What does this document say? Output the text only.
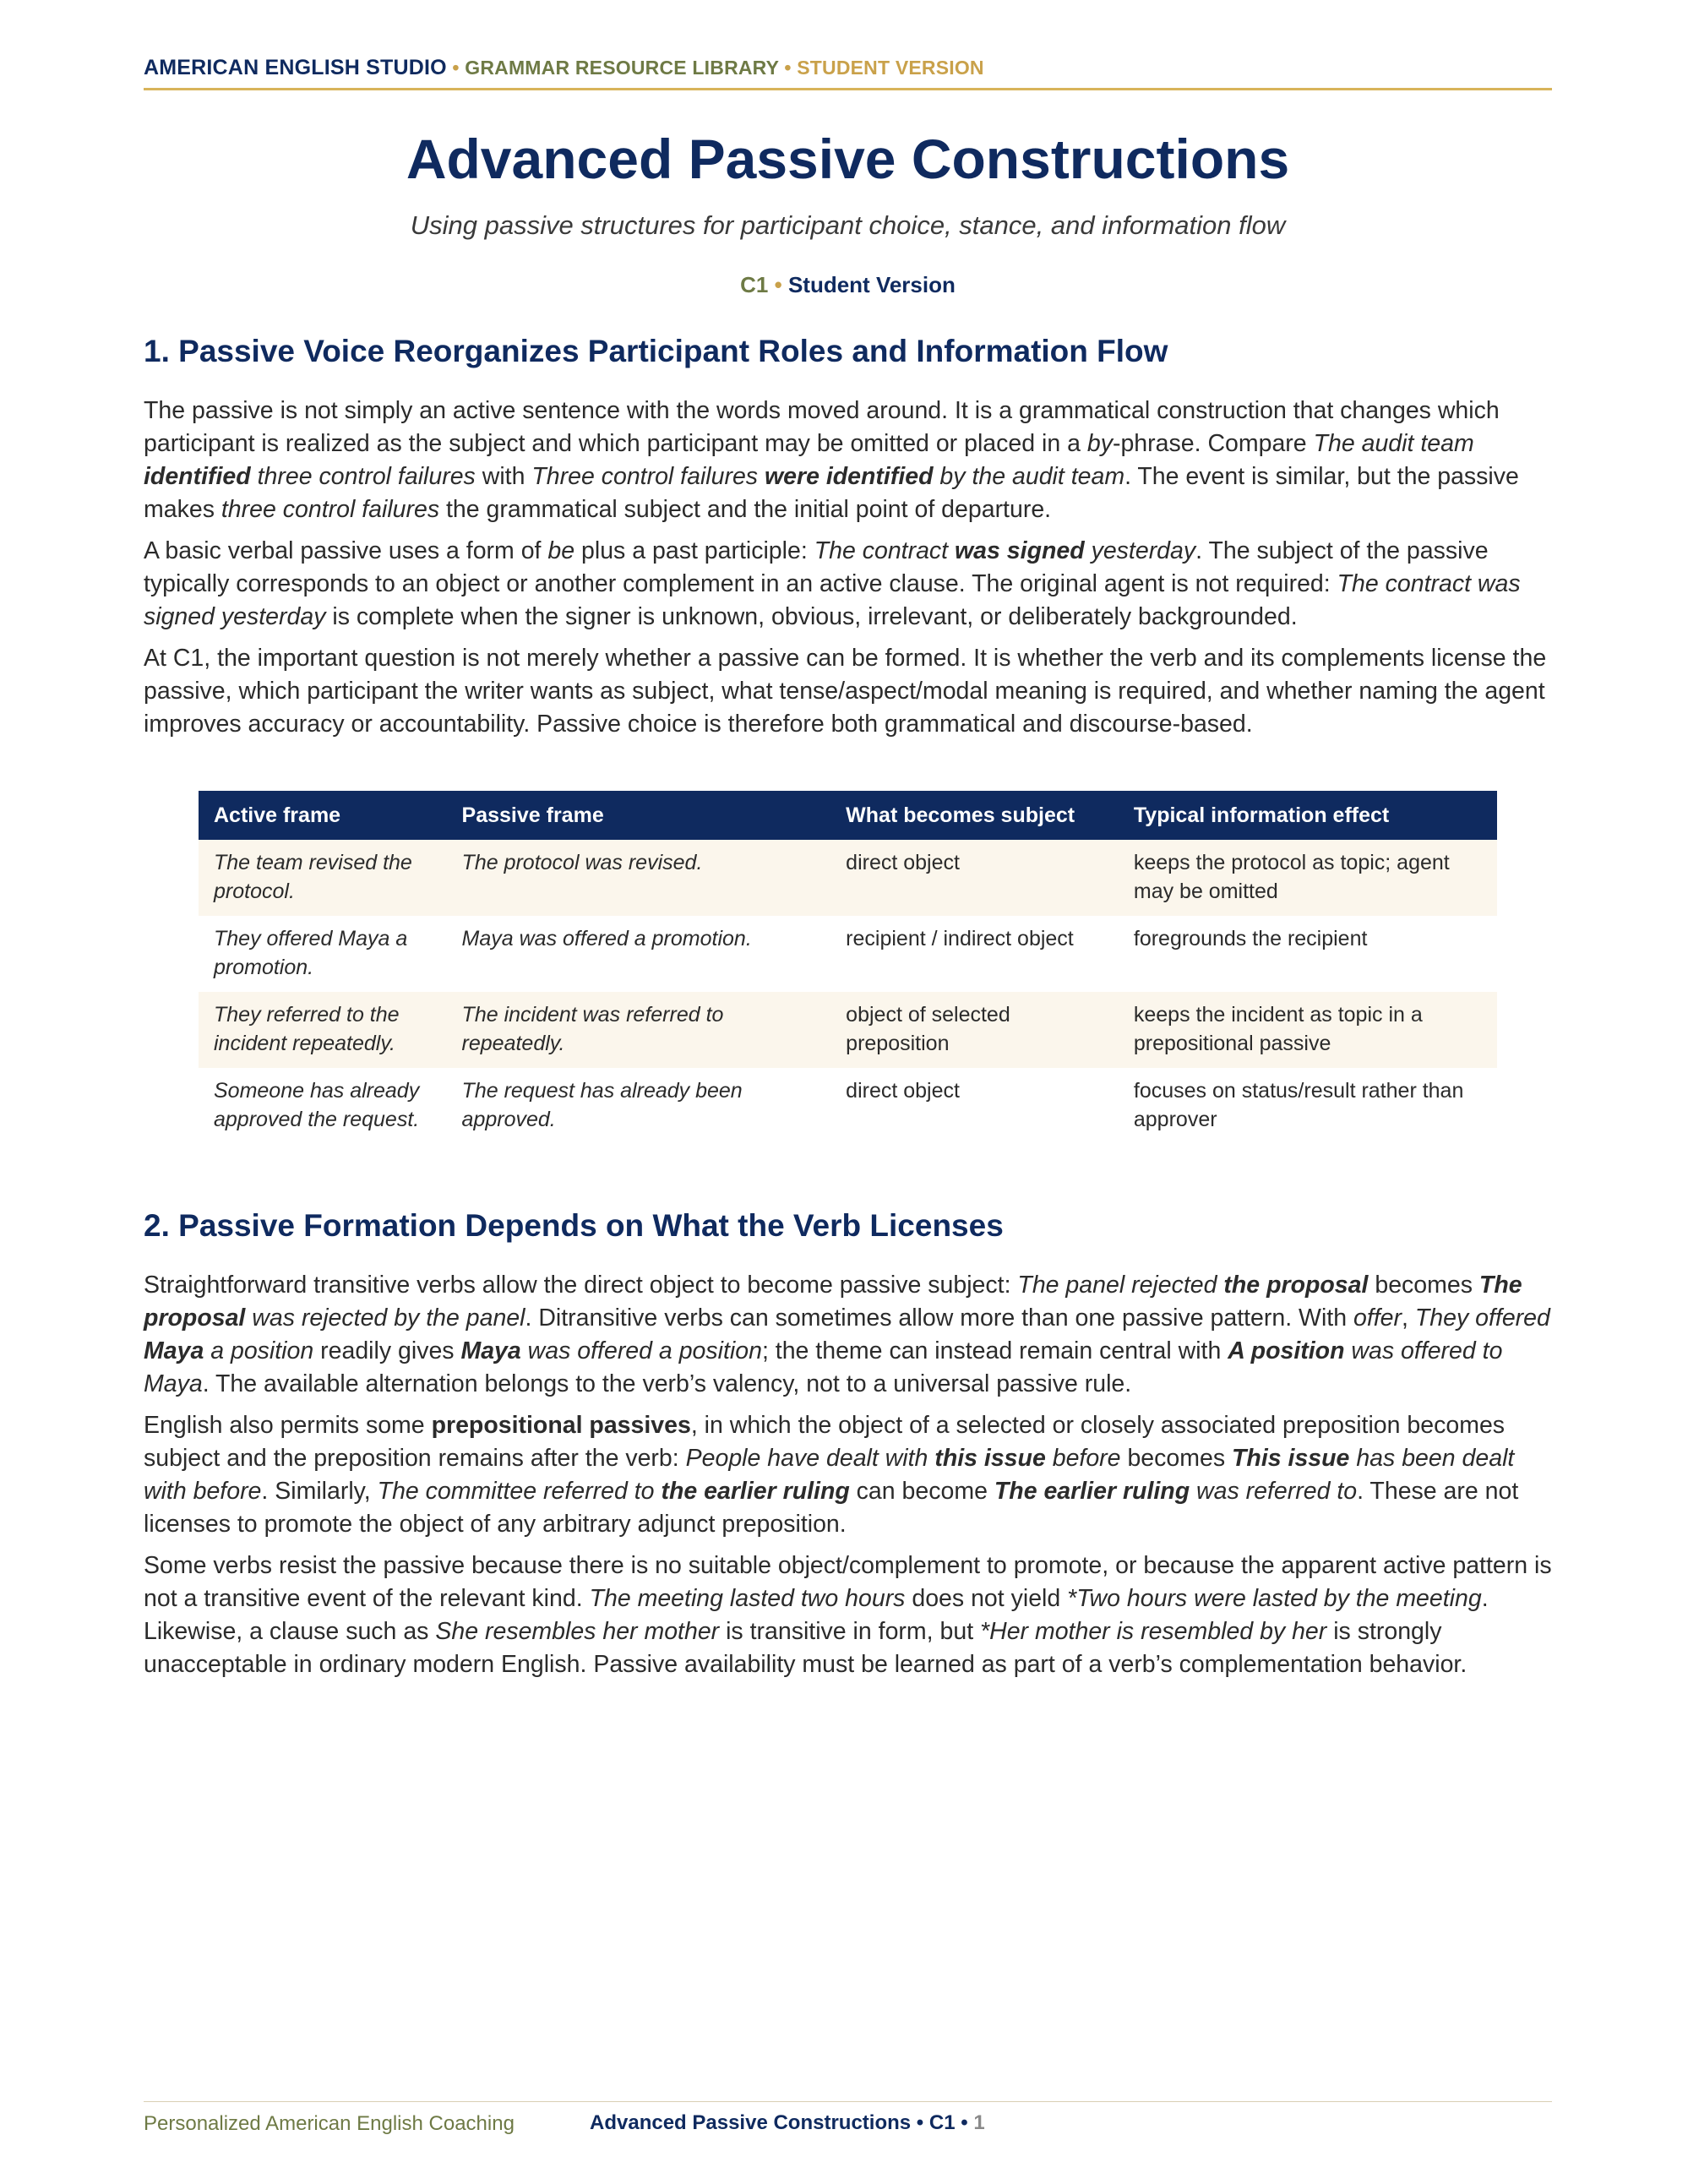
AMERICAN ENGLISH STUDIO • GRAMMAR RESOURCE LIBRARY • STUDENT VERSION
Advanced Passive Constructions

Using passive structures for participant choice, stance, and information flow

C1 • Student Version

1. Passive Voice Reorganizes Participant Roles and Information Flow

The passive is not simply an active sentence with the words moved around. It is a grammatical construction that changes which participant is realized as the subject and which participant may be omitted or placed in a by-phrase. Compare The audit team identified three control failures with Three control failures were identified by the audit team. The event is similar, but the passive makes three control failures the grammatical subject and the initial point of departure.

A basic verbal passive uses a form of be plus a past participle: The contract was signed yesterday. The subject of the passive typically corresponds to an object or another complement in an active clause. The original agent is not required: The contract was signed yesterday is complete when the signer is unknown, obvious, irrelevant, or deliberately backgrounded.

At C1, the important question is not merely whether a passive can be formed. It is whether the verb and its complements license the passive, which participant the writer wants as subject, what tense/aspect/modal meaning is required, and whether naming the agent improves accuracy or accountability. Passive choice is therefore both grammatical and discourse-based.

Active frame	Passive frame	What becomes subject	Typical information effect
The team revised the protocol.	The protocol was revised.	direct object	keeps the protocol as topic; agent may be omitted
They offered Maya a promotion.	Maya was offered a promotion.	recipient / indirect object	foregrounds the recipient
They referred to the incident repeatedly.	The incident was referred to repeatedly.	object of selected preposition	keeps the incident as topic in a prepositional passive
Someone has already approved the request.	The request has already been approved.	direct object	focuses on status/result rather than approver
2. Passive Formation Depends on What the Verb Licenses

Straightforward transitive verbs allow the direct object to become passive subject: The panel rejected the proposal becomes The proposal was rejected by the panel. Ditransitive verbs can sometimes allow more than one passive pattern. With offer, They offered Maya a position readily gives Maya was offered a position; the theme can instead remain central with A position was offered to Maya. The available alternation belongs to the verb’s valency, not to a universal passive rule.

English also permits some prepositional passives, in which the object of a selected or closely associated preposition becomes subject and the preposition remains after the verb: People have dealt with this issue before becomes This issue has been dealt with before. Similarly, The committee referred to the earlier ruling can become The earlier ruling was referred to. These are not licenses to promote the object of any arbitrary adjunct preposition.

Some verbs resist the passive because there is no suitable object/complement to promote, or because the apparent active pattern is not a transitive event of the relevant kind. The meeting lasted two hours does not yield *Two hours were lasted by the meeting. Likewise, a clause such as She resembles her mother is transitive in form, but *Her mother is resembled by her is strongly unacceptable in ordinary modern English. Passive availability must be learned as part of a verb’s complementation behavior.

Personalized American English Coaching	Advanced Passive Constructions • C1 • 1
